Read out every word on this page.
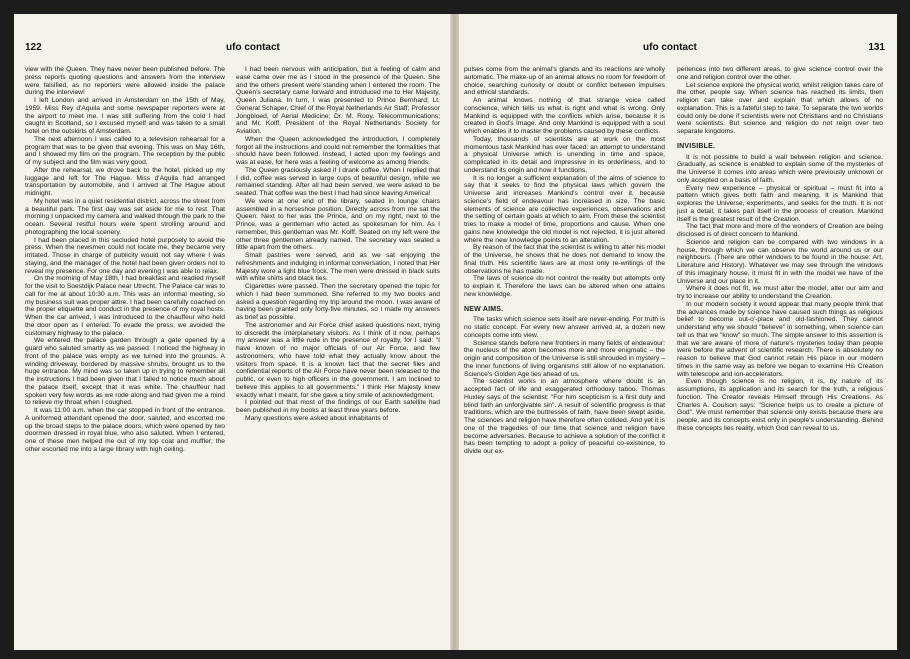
122	ufo contact

view with the Queen. They have never been published before. The press reports quoting questions and answers from the interview were falsified, as no reporters were allowed inside the palace during the interview!

I left London and arrived in Amsterdam on the 15th of May, 1959. Miss Rey d'Aquila and some newspaper reporters were at the airport to meet me. I was still suffering from the cold I had caught in Scotland, so I excused myself and was taken to a small hotel on the outskirts of Amsterdam.

The next afternoon I was called to a television rehearsal for a program that was to be given that evening. This was on May 16th, and I showed my film on the program. The reception by the public of my subject and the film was very good.

After the rehearsal, we drove back to the hotel, picked up my luggage and left for The Hague. Miss d'Aquila had arranged transportation by automobile, and I arrived at The Hague about midnight.

My hotel was in a quiet residential district, across the street from a beautiful park. The first day was set aside for me to rest. That morning I unpacked my camera and walked through the park to the ocean. Several restful hours were spent strolling around and photographing the local scenery.

I had been placed in this secluded hotel purposely to avoid the press. When the newsmen could not locate me, they became very irritated. Those in charge of publicity would not say where I was staying, and the manager of the hotel had been given orders not to reveal my presence. For one day and evening I was able to relax.

On the morning of May 18th, I had breakfast and readied myself for the visit to Soestdijk Palace near Utrecht. The Palace car was to call for me at about 10:30 a.m. This was an informal meeting, so my business suit was proper attire. I had been carefully coached on the proper etiquette and conduct in the presence of my royal hosts. When the car arrived, I was introduced to the chauffeur who held the door open as I entered. To evade the press, we avoided the customary highway to the palace.

We entered the palace garden through a gate opened by a guard who saluted smartly as we passed. I noticed the highway in front of the palace was empty as we turned into the grounds. A winding driveway, bordered by massive shrubs, brought us to the huge entrance. My mind was so taken up in trying to remember all the instructions I had been given that I failed to notice much about the palace itself, except that it was white. The chauffeur had spoken very few words as we rode along and had given me a mind to relieve my throat when I coughed.

It was 11:00 a.m. when the car stopped in front of the entrance. A uniformed attendant opened the door, saluted, and escorted me up the broad steps to the palace doors, which were opened by two doormen dressed in royal blue, who also saluted. When I entered, one of these men helped me out of my top coat and muffler; the other escorted me into a large library with high ceiling.

I had been nervous with anticipation, but a feeling of calm and ease came over me as I stood in the presence of the Queen. She and the others present were standing when I entered the room. The Queen's secretary came forward and introduced me to Her Majesty, Queen Juliana. In turn, I was presented to Prince Bernhard; Lt. General Schaper, Chief of the Royal Netherlands Air Staff; Professor Jongbloed, of Aerial Medicine; Dr. M. Rooy, Telecommunications; and Mr. Kolff, President of the Royal Netherlands Society for Aviation.

When the Queen acknowledged the introduction, I completely forgot all the instructions and could not remember the formalities that should have been followed. Instead, I acted upon my feelings and was at ease, for here was a feeling of welcome as among friends.

The Queen graciously asked if I drank coffee. When I replied that I did, coffee was served in large cups of beautiful design, while we remained standing. After all had been served, we were asked to be seated. That coffee was the best I had had since leaving America!

We were at one end of the library, seated in lounge chairs assembled in a horseshoe position. Directly across from me sat the Queen. Next to her was the Prince, and on my right, next to the Prince, was a gentleman who acted as spokesman for him. As I remember, this gentleman was Mr. Kolff. Seated on my left were the other three gentlemen already named. The secretary was seated a little apart from the others.

Small pastries were served, and as we sat enjoying the refreshments and indulging in informal conversation, I noted that Her Majesty wore a light blue frock. The men were dressed in black suits with white shirts and black ties.

Cigarettes were passed. Then the secretary opened the topic for which I had been summoned. She referred to my two books and asked a question regarding my trip around the moon. I was aware of having been granted only forty-five minutes, so I made my answers as brief as possible.

The astronomer and Air Force chief asked questions next, trying to discredit the interplanetary visitors. As I think of it now, perhaps my answer was a little rude in the presence of royalty, for I said: "I have known of no major officials of our Air Force, and few astronomers, who have told what they actually know about the visitors from space. It is a known fact that the secret files and confidential reports of the Air Force have never been released to the public, or even to high officers in the government. I am inclined to believe this applies to all governments." I think Her Majesty knew exactly what I meant, for she gave a tiny smile of acknowledgment.

I pointed out that most of the findings of our Earth satellite had been published in my books at least three years before.

Many questions were asked about inhabitants of

ufo contact	131

pulses come from the animal's glands and its reactions are wholly automatic. The make-up of an animal allows no room for freedom of choice, searching curiosity or doubt or conflict between impulses and ethical standards.

An animal knows nothing of that strange voice called conscience, which tells us what is right and what is wrong. Only Mankind is equipped with the conflicts which arise, because it is created in God's Image. And only Mankind is equipped with a soul which enables it to master the problems caused by these conflicts.

Today, thousands of scientists are at work on the most momentous task Mankind has ever faced: an attempt to understand a physical Universe which is unending in time and space, complicated in its detail and impressive in its orderliness, and to understand its origin and how it functions.

It is no longer a sufficient explanation of the aims of science to say that it seeks to find the physical laws which govern the Universe and increases Mankind's control over it, because science's field of endeavour has increased in size. The basic elements of science are collective experiences, observations and the setting of certain goals at which to aim. From these the scientist tries to make a model of time, proportions and cause. When one gains new knowledge the old model is not rejected, it is just altered where the new knowledge points to an alteration.

By reason of the fact that the scientist is willing to alter his model of the Universe, he shows that he does not demand to know the final truth. His scientific laws are at most only re-writings of the observations he has made.

The laws of science do not control the reality but attempts only to explain it. Therefore the laws can be altered when one attains new knowledge.

NEW AIMS.

The tasks which science sets itself are never-ending. For truth is no static concept. For every new answer arrived at, a dozen new concepts come into view.

Science stands before new frontiers in many fields of endeavour: the nucleus of the atom becomes more and more enigmatic – the origin and composition of the Universe is still shrouded in mystery – the inner functions of living organisms still allow of no explanation. Science's Golden Age lies ahead of us.

The scientist works in an atmosphere where doubt is an accepted fact of life and exaggerated orthodoxy taboo. Thomas Huxley says of the scientist: "For him scepticism is a first duty and blind faith an unforgivable sin". A result of scientific progress is that traditions, which are the buttresses of faith, have been swept aside. The sciences and religion have therefore often collided. And yet it is one of the tragedies of our time that science and religion have become adversaries. Because to achieve a solution of the conflict it has been tempting to adopt a policy of peaceful co-existence, to divide our ex-

periences into two different areas, to give science control over the one and religion control over the other.

Let science explore the physical world, whilst religion takes care of the other, people say. When science has reached its limits, then religion can take over and explain that which allows of no explanation. This is a fateful step to take. To separate the two worlds could only be done if scientists were not Christians and no Christians were scientists. But science and religion do not reign over two separate kingdoms.

INVISIBLE.

It is not possible to build a wall between religion and science. Gradually, as science is enabled to explain some of the mysteries of the Universe it comes into areas which were previously unknown or only accepted on a basis of faith.

Every new experience – physical or spiritual – must fit into a pattern which gives both faith and meaning. It is Mankind that explores the Universe, experiments, and seeks for the truth. It is not just a detail, it takes part itself in the process of creation. Mankind itself is the greatest result of the Creation.

The fact that more and more of the wonders of Creation are being disclosed is of direct concern to Mankind.

Science and religion can be compared with two windows in a house, through which we can observe the world around us or our neighbours. (There are other windows to be found in the house: Art, Literature and History). Whatever we may see through the windows of this imaginary house, it must fit in with the model we have of the Universe and our place in it.

Where it does not fit, we must alter the model, alter our aim and try to increase our ability to understand the Creation.

In our modern society it would appear that many people think that the advances made by science have caused such things as religious belief to become out-o'-place and old-fashioned. They cannot understand why we should "believe" in something, when science can tell us that we "know" so much. The simple answer to this assertion is that we are aware of more of nature's mysteries today than people were before the advent of scientific research. There is absolutely no reason to believe that God cannot retain His place in our modern times in the same way as before we began to examine His Creation with telescope and ion-accelerators.

Even though science is no religion, it is, by nature of its assumptions, its application and its search for the truth, a religious function. The Creator reveals Himself through His Creations. As Charles A. Coulson says: "Science helps us to create a picture of God". We must remember that science only exists because there are people, and its concepts exist only in people's understanding. Behind these concepts lies reality, which God can reveal to us.
